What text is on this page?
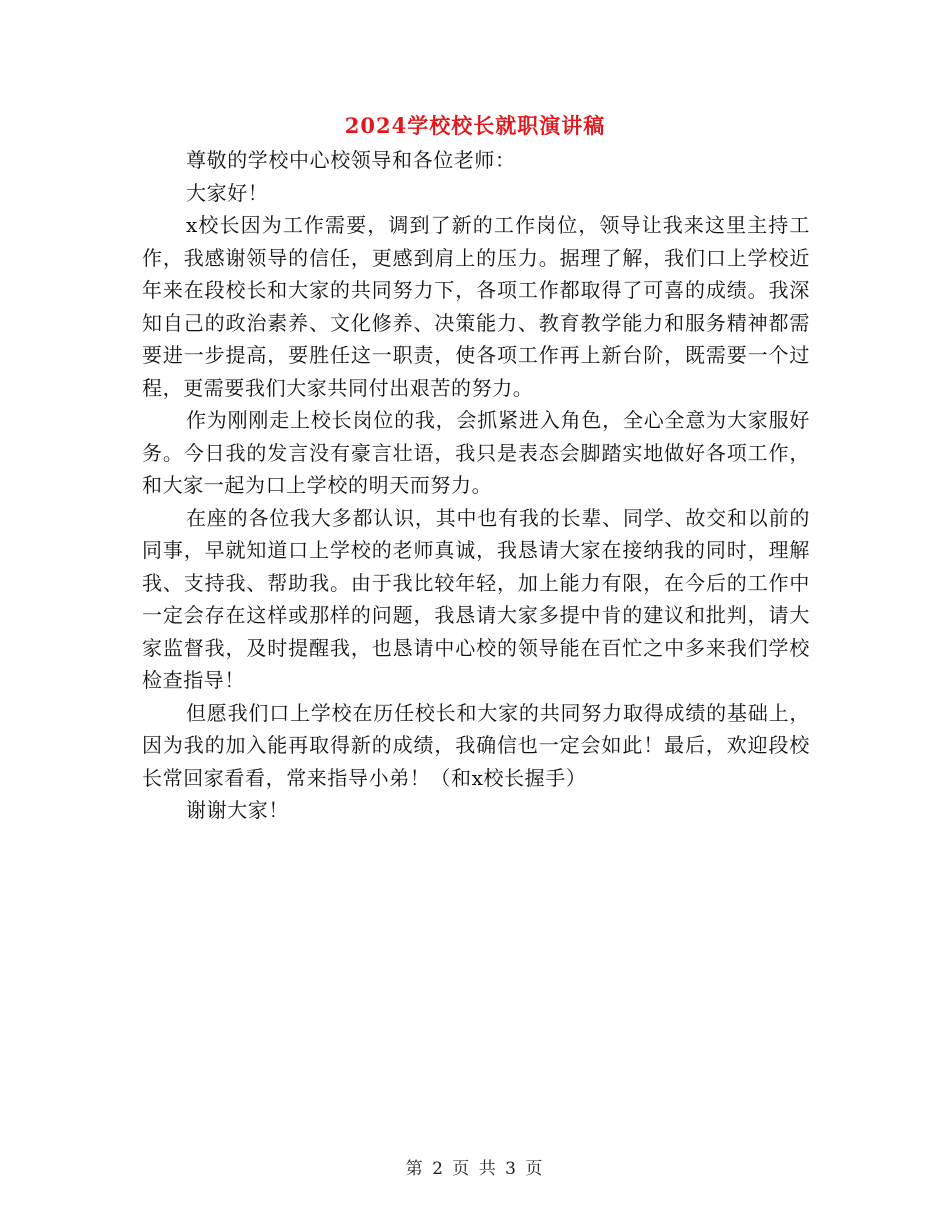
2024学校校长就职演讲稿

尊敬的学校中心校领导和各位老师：

大家好！

x校长因为工作需要，调到了新的工作岗位，领导让我来这里主持工作，我感谢领导的信任，更感到肩上的压力。据理了解，我们口上学校近年来在段校长和大家的共同努力下，各项工作都取得了可喜的成绩。我深知自己的政治素养、文化修养、决策能力、教育教学能力和服务精神都需要进一步提高，要胜任这一职责，使各项工作再上新台阶，既需要一个过程，更需要我们大家共同付出艰苦的努力。

作为刚刚走上校长岗位的我，会抓紧进入角色，全心全意为大家服好务。今日我的发言没有豪言壮语，我只是表态会脚踏实地做好各项工作，和大家一起为口上学校的明天而努力。

在座的各位我大多都认识，其中也有我的长辈、同学、故交和以前的同事，早就知道口上学校的老师真诚，我恳请大家在接纳我的同时，理解我、支持我、帮助我。由于我比较年轻，加上能力有限，在今后的工作中一定会存在这样或那样的问题，我恳请大家多提中肯的建议和批判，请大家监督我，及时提醒我，也恳请中心校的领导能在百忙之中多来我们学校检查指导！

但愿我们口上学校在历任校长和大家的共同努力取得成绩的基础上，因为我的加入能再取得新的成绩，我确信也一定会如此！最后，欢迎段校长常回家看看，常来指导小弟！（和x校长握手）

谢谢大家！

第 2 页 共 3 页
